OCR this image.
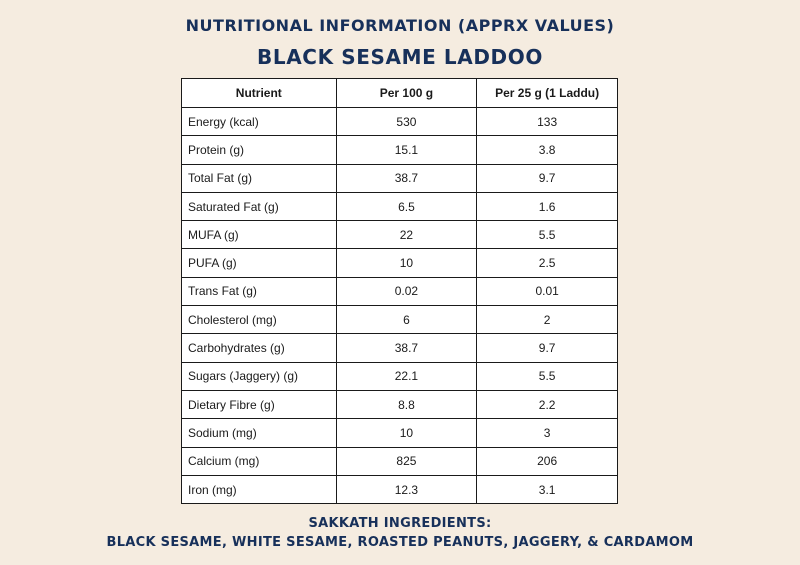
NUTRITIONAL INFORMATION (APPRX VALUES)
BLACK SESAME LADDOO
Nutrient	Per 100 g	Per 25 g (1 Laddu)
Energy (kcal)	530	133
Protein (g)	15.1	3.8
Total Fat (g)	38.7	9.7
Saturated Fat (g)	6.5	1.6
MUFA (g)	22	5.5
PUFA (g)	10	2.5
Trans Fat (g)	0.02	0.01
Cholesterol (mg)	6	2
Carbohydrates (g)	38.7	9.7
Sugars (Jaggery) (g)	22.1	5.5
Dietary Fibre (g)	8.8	2.2
Sodium (mg)	10	3
Calcium (mg)	825	206
Iron (mg)	12.3	3.1
SAKKATH INGREDIENTS:
BLACK SESAME, WHITE SESAME, ROASTED PEANUTS, JAGGERY, & CARDAMOM
